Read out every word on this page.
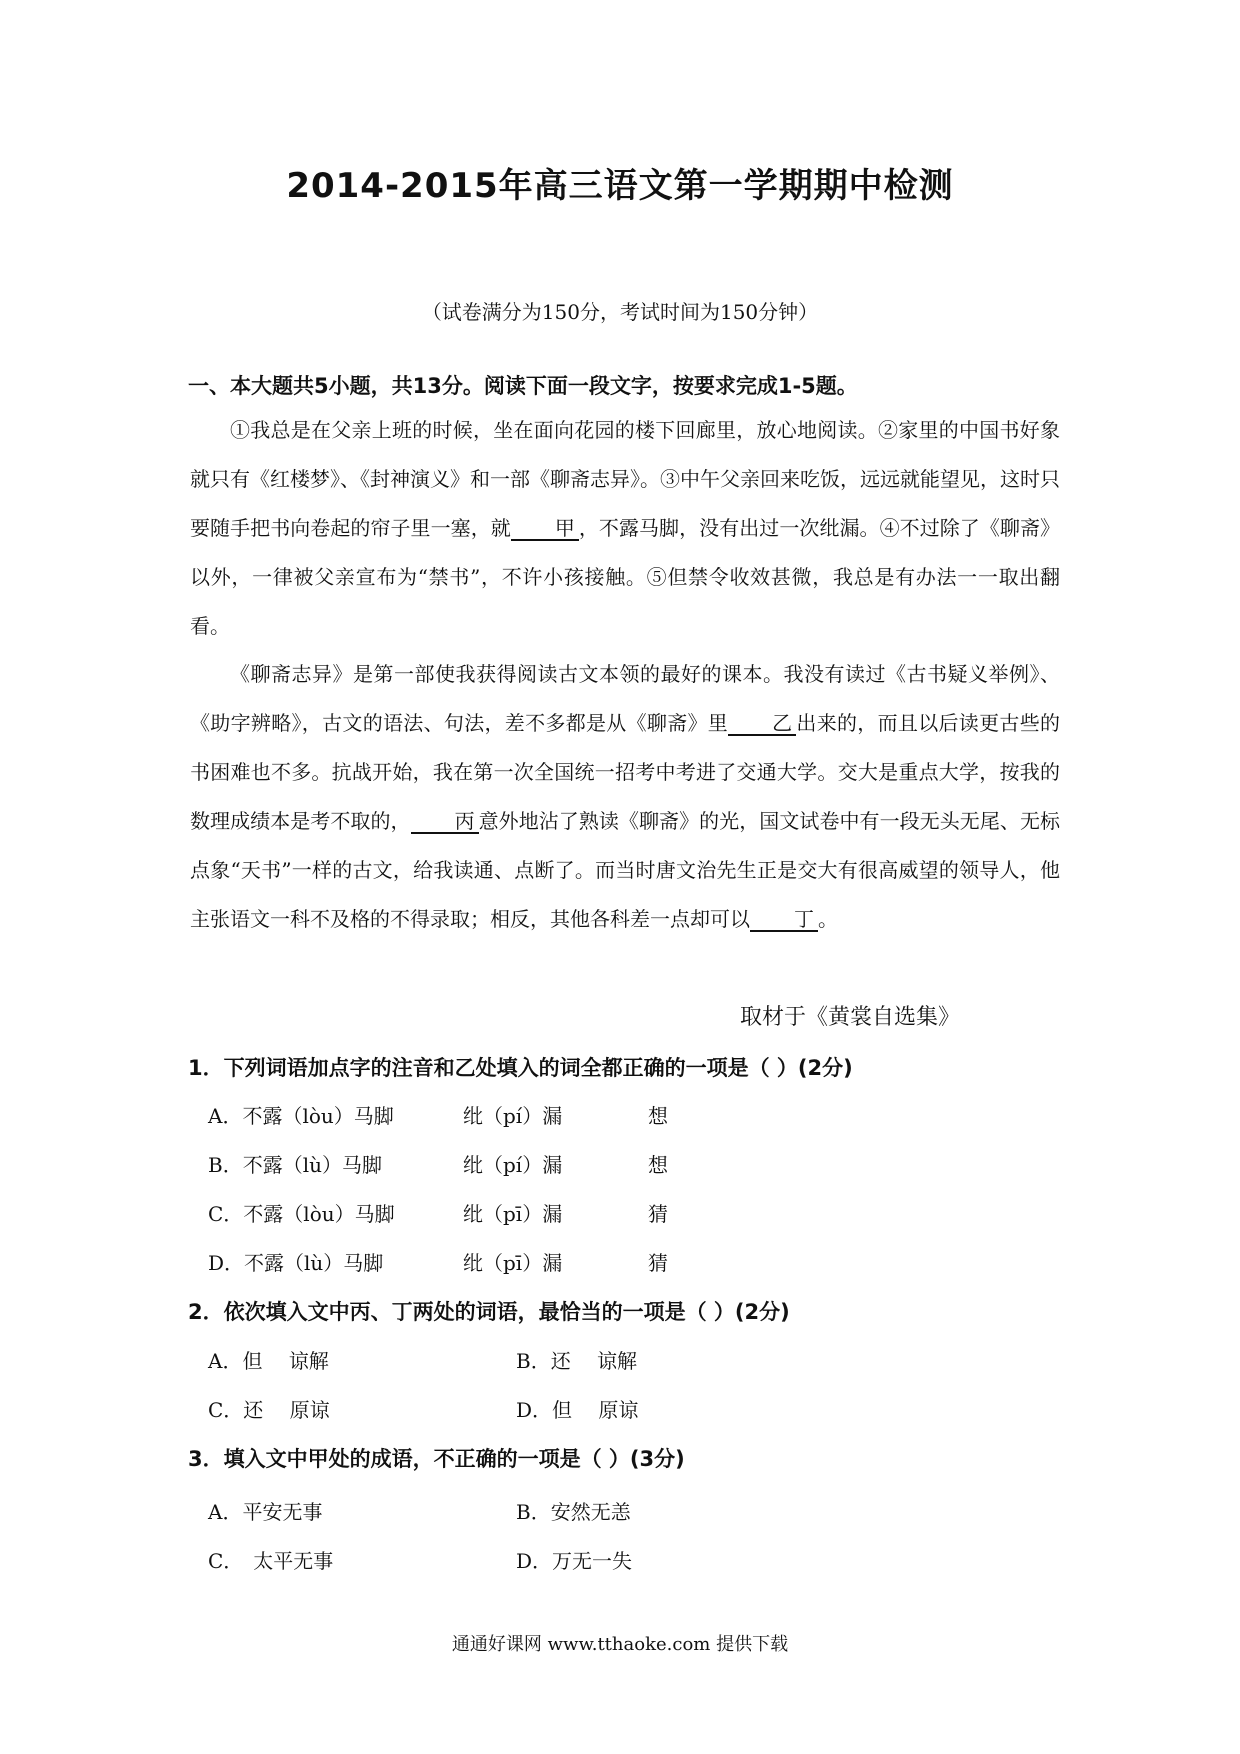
2014-2015年高三语文第一学期期中检测
（试卷满分为150分，考试时间为150分钟）
一、本大题共5小题，共13分。阅读下面一段文字，按要求完成1-5题。

①我总是在父亲上班的时候，坐在面向花园的楼下回廊里，放心地阅读。②家里的中国书好象就只有《红楼梦》、《封神演义》和一部《聊斋志异》。③中午父亲回来吃饭，远远就能望见，这时只要随手把书向卷起的帘子里一塞，就 甲 ，不露马脚，没有出过一次纰漏。④不过除了《聊斋》以外，一律被父亲宣布为“禁书”，不许小孩接触。⑤但禁令收效甚微，我总是有办法一一取出翻看。

《聊斋志异》是第一部使我获得阅读古文本领的最好的课本。我没有读过《古书疑义举例》、《助字辨略》，古文的语法、句法，差不多都是从《聊斋》里 乙 出来的，而且以后读更古些的书困难也不多。抗战开始，我在第一次全国统一招考中考进了交通大学。交大是重点大学，按我的数理成绩本是考不取的， 丙 意外地沾了熟读《聊斋》的光，国文试卷中有一段无头无尾、无标点象“天书”一样的古文，给我读通、点断了。而当时唐文治先生正是交大有很高威望的领导人，他主张语文一科不及格的不得录取；相反，其他各科差一点却可以 丁 。

取材于《黄裳自选集》
1．下列词语加点字的注音和乙处填入的词全都正确的一项是（ ）(2分)
A．不露（lòu）马脚	纰（pí）漏	想
B．不露（lù）马脚	纰（pí）漏	想
C．不露（lòu）马脚	纰（pī）漏	猜
D．不露（lù）马脚	纰（pī）漏	猜
2．依次填入文中丙、丁两处的词语，最恰当的一项是（ ）(2分)
A．但　 谅解	B．还　 谅解
C．还　 原谅	D．但　 原谅
3．填入文中甲处的成语，不正确的一项是（ ）(3分)
A．平安无事	B．安然无恙
C．　太平无事	D．万无一失
通通好课网 www.tthaoke.com 提供下载
